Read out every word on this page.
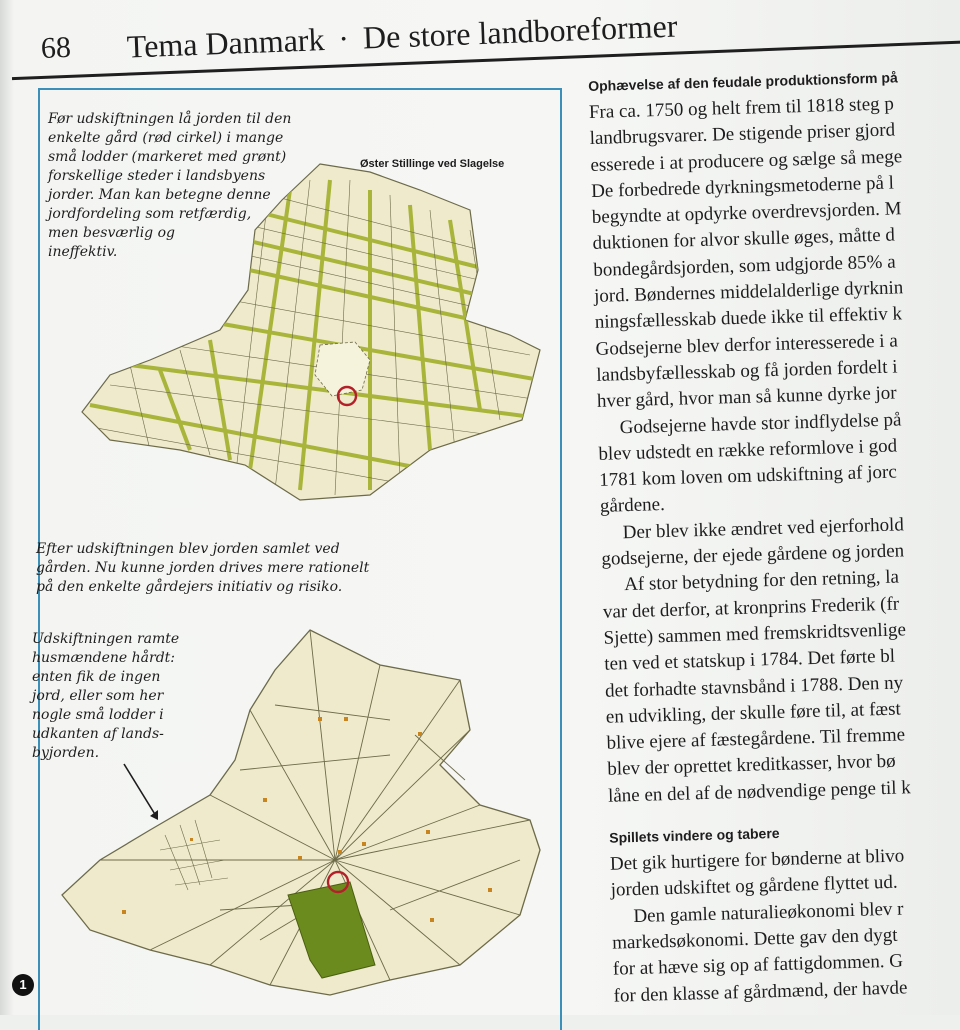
68 Tema Danmark · De store landboreformer
Før udskiftningen lå jorden til den
enkelte gård (rød cirkel) i mange
små lodder (markeret med grønt)
forskellige steder i landsbyens
jorder. Man kan betegne denne
jordfordeling som retfærdig,
men besværlig og
ineffektiv.
Øster Stillinge ved Slagelse
Efter udskiftningen blev jorden samlet ved
gården. Nu kunne jorden drives mere rationelt
på den enkelte gårdejers initiativ og risiko.
Udskiftningen ramte
husmændene hårdt:
enten fik de ingen
jord, eller som her
nogle små lodder i
udkanten af lands-
byjorden.
1
Ophævelse af den feudale produktionsform på
Fra ca. 1750 og helt frem til 1818 steg p
landbrugsvarer. De stigende priser gjord
esserede i at producere og sælge så mege
De forbedrede dyrkningsmetoderne på l
begyndte at opdyrke overdrevsjorden. M
duktionen for alvor skulle øges, måtte d
bondegårdsjorden, som udgjorde 85% a
jord. Bøndernes middelalderlige dyrknin
ningsfællesskab duede ikke til effektiv k
Godsejerne blev derfor interesserede i a
landsbyfællesskab og få jorden fordelt i
hver gård, hvor man så kunne dyrke jor
Godsejerne havde stor indflydelse på
blev udstedt en række reformlove i god
1781 kom loven om udskiftning af jorc
gårdene.
Der blev ikke ændret ved ejerforhold
godsejerne, der ejede gårdene og jorden
Af stor betydning for den retning, la
var det derfor, at kronprins Frederik (fr
Sjette) sammen med fremskridtsvenlige
ten ved et statskup i 1784. Det førte bl
det forhadte stavnsbånd i 1788. Den ny
en udvikling, der skulle føre til, at fæst
blive ejere af fæstegårdene. Til fremme
blev der oprettet kreditkasser, hvor bø
låne en del af de nødvendige penge til k
Spillets vindere og tabere
Det gik hurtigere for bønderne at blivo
jorden udskiftet og gårdene flyttet ud.
Den gamle naturalieøkonomi blev r
markedsøkonomi. Dette gav den dygt
for at hæve sig op af fattigdommen. G
for den klasse af gårdmænd, der havde
